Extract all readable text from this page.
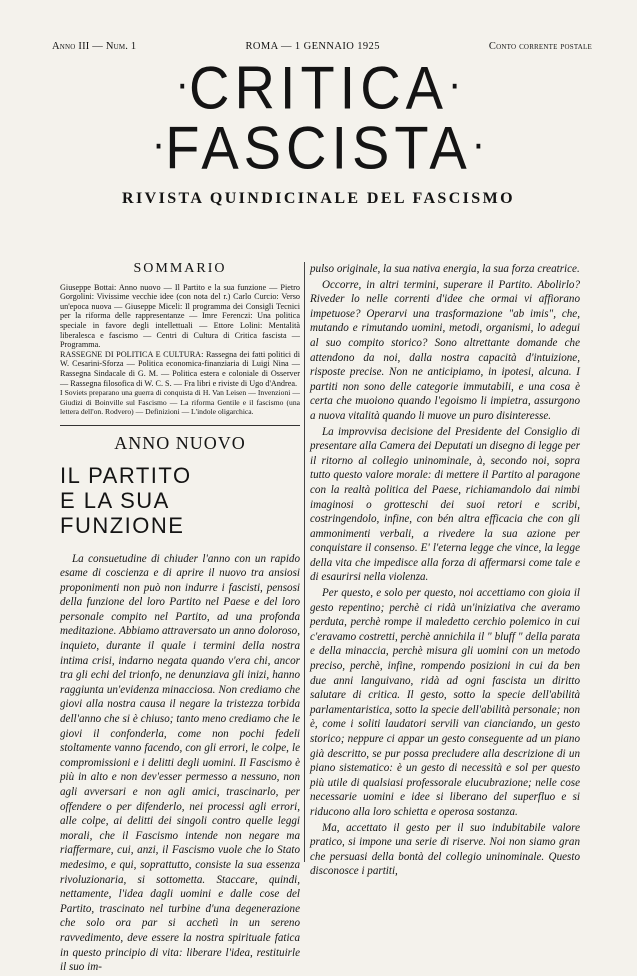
Anno III — Num. 1	ROMA — 1 GENNAIO 1925	Conto corrente postale
·CRITICA·
·FASCISTA·
RIVISTA QUINDICINALE DEL FASCISMO
SOMMARIO

Giuseppe Bottai: Anno nuovo — Il Partito e la sua funzione — Pietro Gorgolini: Vivissime vecchie idee (con nota del r.) Carlo Curcio: Verso un'epoca nuova — Giuseppe Miceli: Il programma dei Consigli Tecnici per la riforma delle rappresentanze — Imre Ferenczi: Una politica speciale in favore degli intellettuali — Ettore Lolini: Mentalità liberalesca e fascismo — Centri di Cultura di Critica fascista — Programma.

RASSEGNE DI POLITICA E CULTURA: Rassegna dei fatti politici di W. Cesarini-Sforza — Politica economica-finanziaria di Luigi Nina — Rassegna Sindacale di G. M. — Politica estera e coloniale di Osserver — Rassegna filosofica di W. C. S. — Fra libri e riviste di Ugo d'Andrea.

I Soviets preparano una guerra di conquista di H. Van Leisen — Invenzioni — Giudizi di Boinville sul Fascismo — La riforma Gentile e il fascismo (una lettera dell'on. Rodvero) — Definizioni — L'indole oligarchica.

ANNO NUOVO
IL PARTITO
E LA SUA FUNZIONE

La consuetudine di chiuder l'anno con un rapido esame di coscienza e di aprire il nuovo tra ansiosi proponimenti non può non indurre i fascisti, pensosi della funzione del loro Partito nel Paese e del loro personale compito nel Partito, ad una profonda meditazione. Abbiamo attraversato un anno doloroso, inquieto, durante il quale i termini della nostra intima crisi, indarno negata quando v'era chi, ancor tra gli echi del trionfo, ne denunziava gli inizi, hanno raggiunta un'evidenza minacciosa. Non crediamo che giovi alla nostra causa il negare la tristezza torbida dell'anno che si è chiuso; tanto meno crediamo che le giovi il confonderla, come non pochi fedeli stoltamente vanno facendo, con gli errori, le colpe, le compromissioni e i delitti degli uomini. Il Fascismo è più in alto e non dev'esser permesso a nessuno, non agli avversari e non agli amici, trascinarlo, per offendere o per difenderlo, nei processi agli errori, alle colpe, ai delitti dei singoli contro quelle leggi morali, che il Fascismo intende non negare ma riaffermare, cui, anzi, il Fascismo vuole che lo Stato medesimo, e qui, soprattutto, consiste la sua essenza rivoluzionaria, si sottometta. Staccare, quindi, nettamente, l'idea dagli uomini e dalle cose del Partito, trascinato nel turbine d'una degenerazione che solo ora par si acchetì in un sereno ravvedimento, deve essere la nostra spirituale fatica in questo principio di vita: liberare l'idea, restituirle il suo im-

pulso originale, la sua nativa energia, la sua forza creatrice.

Occorre, in altri termini, superare il Partito. Abolirlo? Riveder lo nelle correnti d'idee che ormai vi affiorano impetuose? Operarvi una trasformazione "ab imis", che, mutando e rimutando uomini, metodi, organismi, lo adegui al suo compito storico? Sono altrettante domande che attendono da noi, dalla nostra capacità d'intuizione, risposte precise. Non ne anticipiamo, in ipotesi, alcuna. I partiti non sono delle categorie immutabili, e una cosa è certa che muoiono quando l'egoismo li impietra, assurgono a nuova vitalità quando li muove un puro disinteresse.

La improvvisa decisione del Presidente del Consiglio di presentare alla Camera dei Deputati un disegno di legge per il ritorno al collegio uninominale, à, secondo noi, sopra tutto questo valore morale: di mettere il Partito al paragone con la realtà politica del Paese, richiamandolo dai nimbi imaginosi o grotteschi dei suoi retori e scribi, costringendolo, infine, con bén altra efficacia che con gli ammonimenti verbali, a rivedere la sua azione per conquistare il consenso. E' l'eterna legge che vince, la legge della vita che impedisce alla forza di affermarsi come tale e di esaurirsi nella violenza.

Per questo, e solo per questo, noi accettiamo con gioia il gesto repentino; perchè ci ridà un'iniziativa che averamo perduta, perchè rompe il maledetto cerchio polemico in cui c'eravamo costretti, perchè annichila il " bluff " della parata e della minaccia, perchè misura gli uomini con un metodo preciso, perchè, infine, rompendo posizioni in cui da ben due anni languivano, ridà ad ogni fascista un diritto salutare di critica. Il gesto, sotto la specie dell'abilità parlamentaristica, sotto la specie dell'abilità personale; non è, come i soliti laudatori servili van cianciando, un gesto storico; neppure ci appar un gesto conseguente ad un piano già descritto, se pur possa precludere alla descrizione di un piano sistematico: è un gesto di necessità e sol per questo più utile di qualsiasi professorale elucubrazione; nelle cose necessarie uomini e idee si liberano del superfluo e si riducono alla loro schietta e operosa sostanza.

Ma, accettato il gesto per il suo indubitabile valore pratico, si impone una serie di riserve. Noi non siamo gran che persuasi della bontà del collegio uninominale. Questo disconosce i partiti,
